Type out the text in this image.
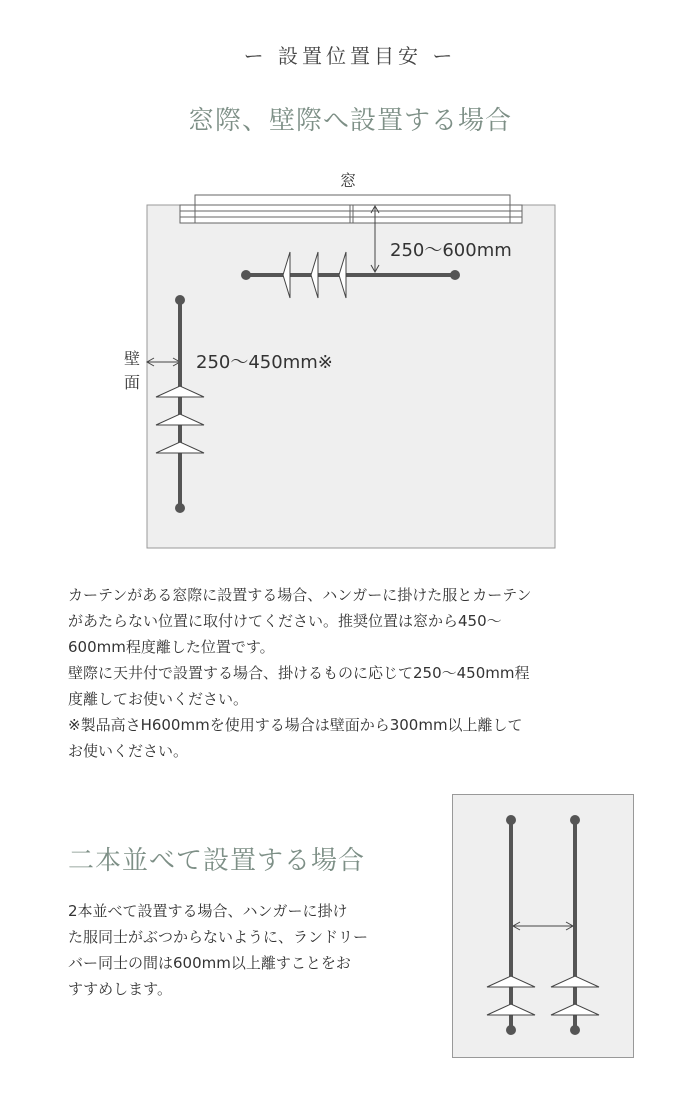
ー 設置位置目安 ー
窓際、壁際へ設置する場合
窓
250〜600mm
壁
面
250〜450mm※
カーテンがある窓際に設置する場合、ハンガーに掛けた服とカーテン
があたらない位置に取付けてください。推奨位置は窓から450〜
600mm程度離した位置です。
壁際に天井付で設置する場合、掛けるものに応じて250〜450mm程
度離してお使いください。
※製品高さH600mmを使用する場合は壁面から300mm以上離して
お使いください。
二本並べて設置する場合
2本並べて設置する場合、ハンガーに掛け
た服同士がぶつからないように、ランドリー
バー同士の間は600mm以上離すことをお
すすめします。
